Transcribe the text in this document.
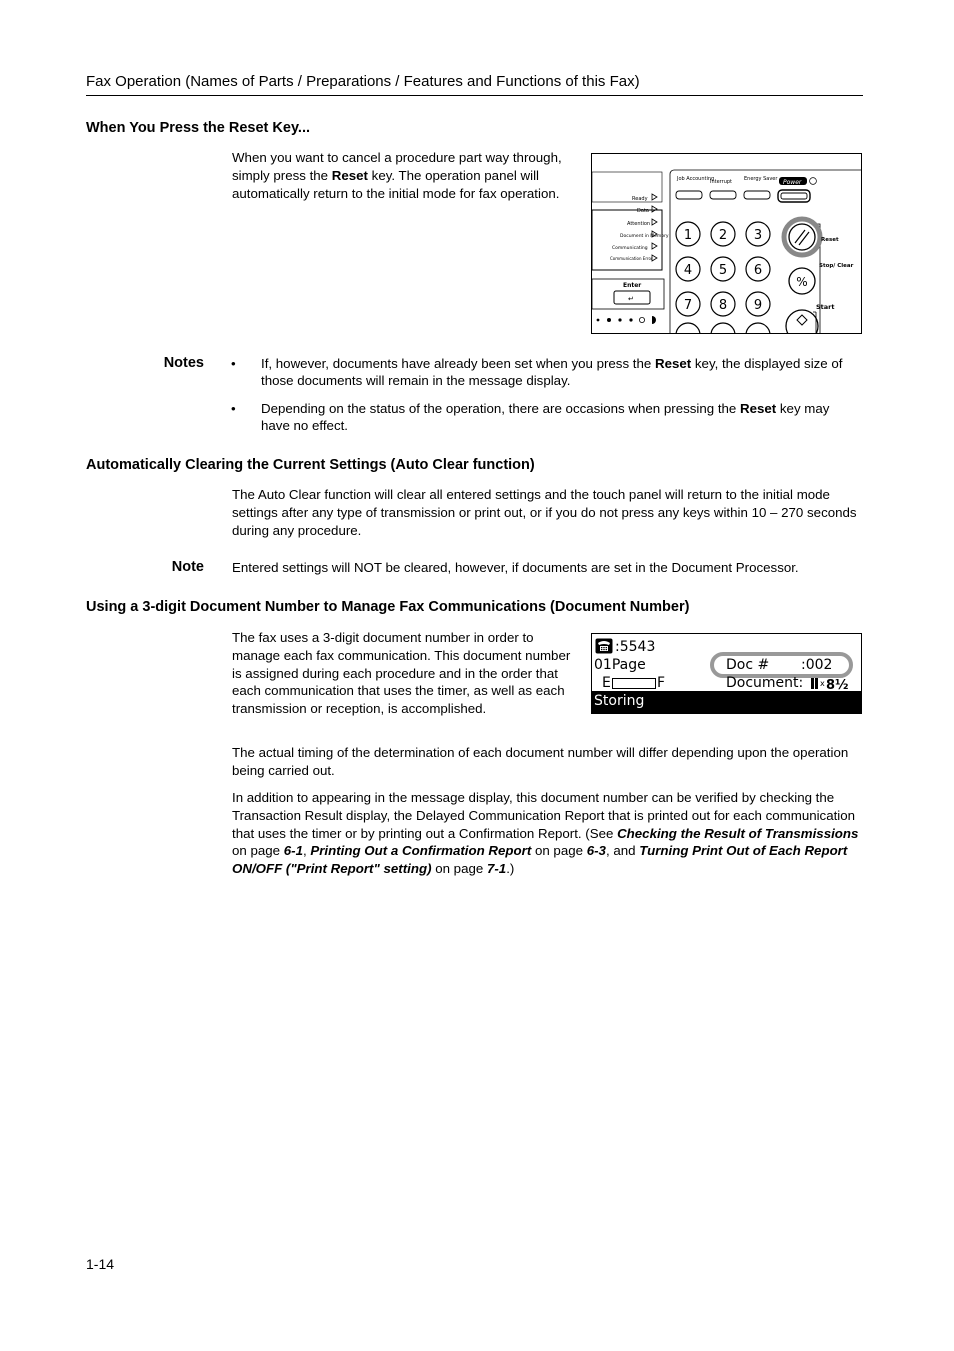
Fax Operation (Names of Parts / Preparations / Features and Functions of this Fax)
When You Press the Reset Key...

When you want to cancel a procedure part way through, simply press the Reset key. The operation panel will automatically return to the initial mode for fax operation.	Ready
Data
Attention
Document in Memory
Communicating
Communication Error
Enter
↵
Job Accounting
Interrupt Energy Saver Power
1 2 3
4 5 6
7 8 9
Reset
%
Stop/ Clear
Start
Notes • If, however, documents have already been set when you press the Reset key, the displayed size of those documents will remain in the message display.
• Depending on the status of the operation, there are occasions when pressing the Reset key may have no effect.
Automatically Clearing the Current Settings (Auto Clear function)

The Auto Clear function will clear all entered settings and the touch panel will return to the initial mode settings after any type of transmission or print out, or if you do not press any keys within 10 – 270 seconds during any procedure.

Note Entered settings will NOT be cleared, however, if documents are set in the Document Processor.
Using a 3-digit Document Number to Manage Fax Communications (Document Number)
The fax uses a 3-digit document number in order to manage each fax communication. This document number is assigned during each procedure and in the order that each communication that uses the timer, as well as each transmission or reception, is accomplished.
:5543
01Page	Doc # :002
E	F	Document: x 8½
Storing
The actual timing of the determination of each document number will differ depending upon the operation being carried out.

In addition to appearing in the message display, this document number can be verified by checking the Transaction Result display, the Delayed Communication Report that is printed out for each communication that uses the timer or by printing out a Confirmation Report. (See Checking the Result of Transmissions on page 6-1, Printing Out a Confirmation Report on page 6-3, and Turning Print Out of Each Report ON/OFF ("Print Report" setting) on page 7-1.)

1-14
